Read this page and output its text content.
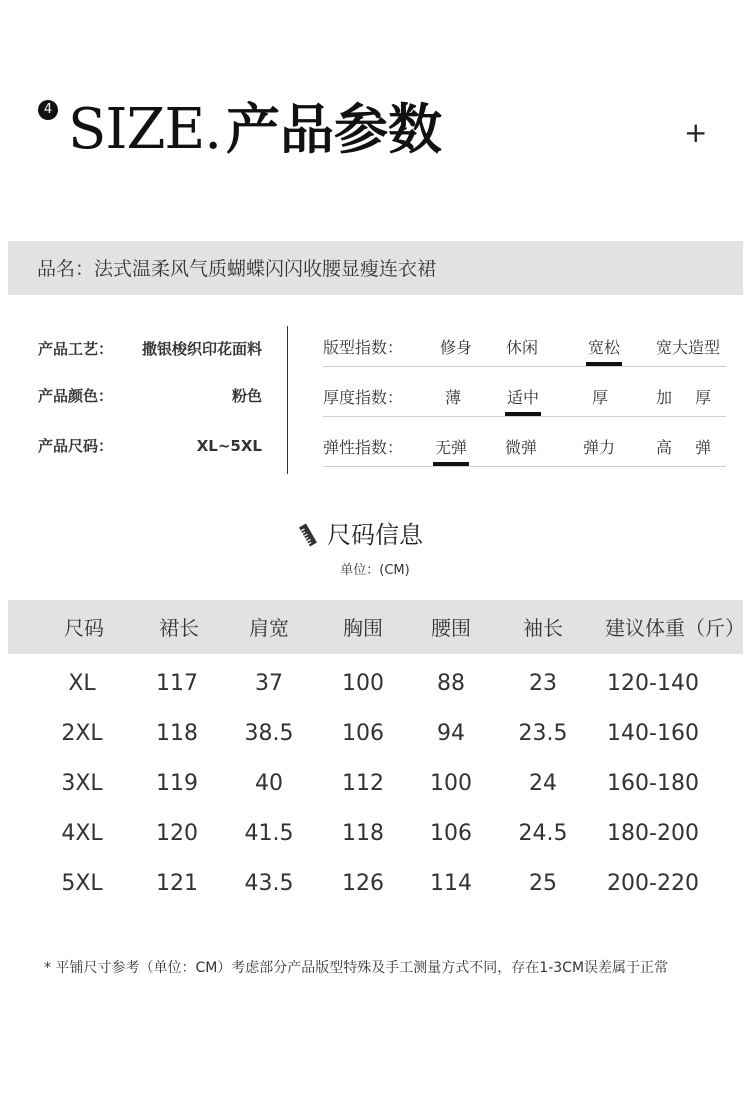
4 SIZE. 产品参数	+
品名：法式温柔风气质蝴蝶闪闪收腰显瘦连衣裙
产品工艺： 撒银梭织印花面料
产品颜色：	粉色
产品尺码：	XL~5XL
版型指数： 修身 休闲	宽松 宽大造型
厚度指数：	薄	适中	厚	加 厚
弹性指数： 无弹 微弹	弹力	高 弹
尺码信息
单位：(CM)
尺码	裙长	肩宽	胸围 腰围	袖长 建议体重（斤）
XL	117	37	100 88	23 120-140
2XL 118 38.5 106 94 23.5 140-160
3XL 119	40	112 100	24 160-180
4XL 120 41.5 118 106 24.5 180-200
5XL 121 43.5 126 114	25 200-220
* 平铺尺寸参考（单位：CM）考虑部分产品版型特殊及手工测量方式不同，存在1-3CM误差属于正常
